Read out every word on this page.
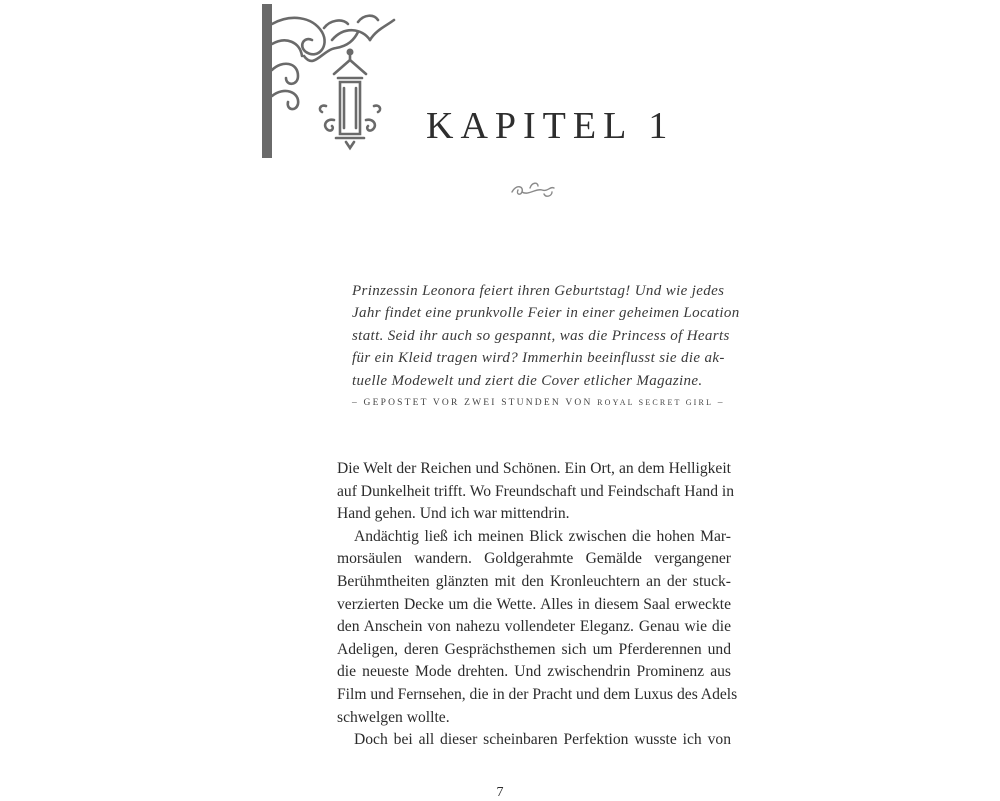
KAPITEL 1
Prinzessin Leonora feiert ihren Geburtstag! Und wie jedes
Jahr findet eine prunkvolle Feier in einer geheimen Location
statt. Seid ihr auch so gespannt, was die Princess of Hearts
für ein Kleid tragen wird? Immerhin beeinflusst sie die ak-
tuelle Modewelt und ziert die Cover etlicher Magazine.
– GEPOSTET VOR ZWEI STUNDEN VON ROYAL SECRET GIRL –
Die Welt der Reichen und Schönen. Ein Ort, an dem Helligkeit
auf Dunkelheit trifft. Wo Freundschaft und Feindschaft Hand in
Hand gehen. Und ich war mittendrin.
Andächtig ließ ich meinen Blick zwischen die hohen Mar-
morsäulen wandern. Goldgerahmte Gemälde vergangener
Berühmtheiten glänzten mit den Kronleuchtern an der stuck-
verzierten Decke um die Wette. Alles in diesem Saal erweckte
den Anschein von nahezu vollendeter Eleganz. Genau wie die
Adeligen, deren Gesprächsthemen sich um Pferderennen und
die neueste Mode drehten. Und zwischendrin Prominenz aus
Film und Fernsehen, die in der Pracht und dem Luxus des Adels
schwelgen wollte.
Doch bei all dieser scheinbaren Perfektion wusste ich von
7
